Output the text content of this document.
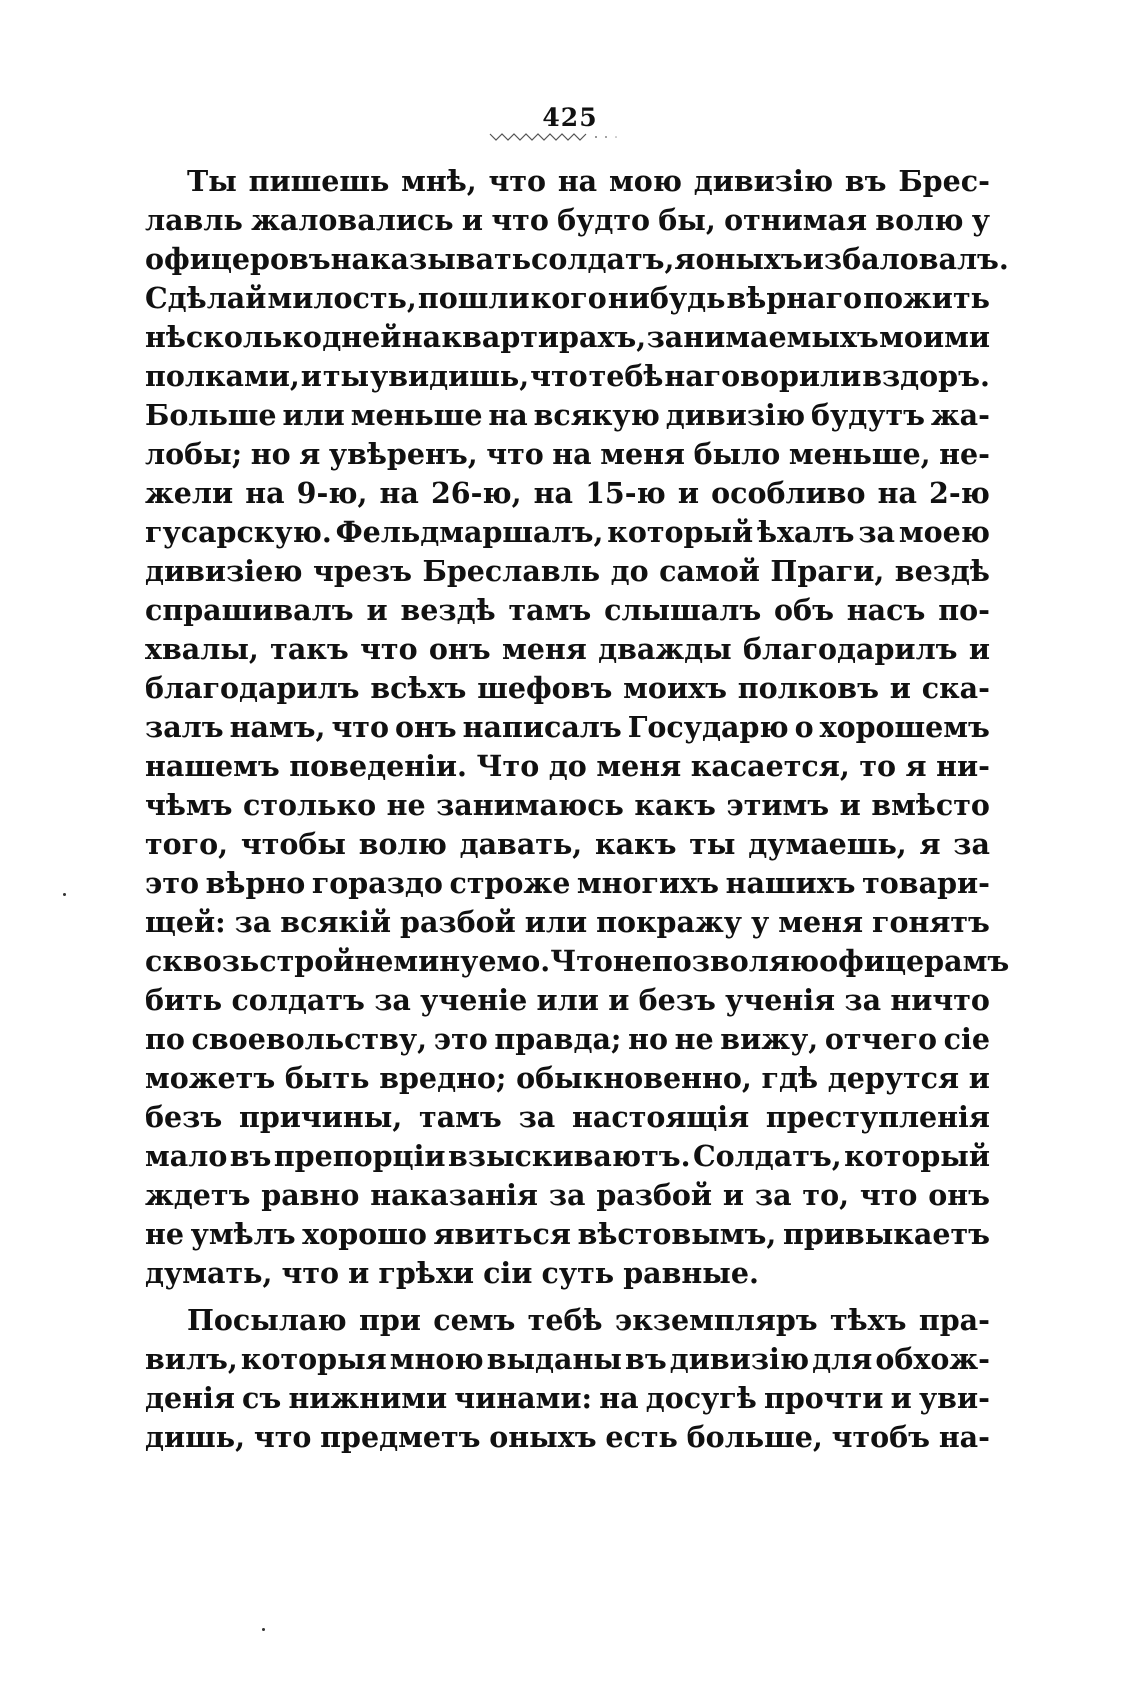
425
Ты пишешь мнѣ, что на мою дивизію въ Брес-
лавль жаловались и что будто бы, отнимая волю у
офицеровъ наказывать солдатъ, я оныхъ избаловалъ.
Сдѣлай милость, пошли кого нибудь вѣрнаго пожить
нѣсколько дней на квартирахъ, занимаемыхъ моими
полками, и ты увидишь, что тебѣ наговорили вздоръ.
Больше или меньше на всякую дивизію будутъ жа-
лобы; но я увѣренъ, что на меня было меньше, не-
жели на 9-ю, на 26-ю, на 15-ю и особливо на 2-ю
гусарскую. Фельдмаршалъ, который ѣхалъ за моею
дивизіею чрезъ Бреславль до самой Праги, вездѣ
спрашивалъ и вездѣ тамъ слышалъ объ насъ по-
хвалы, такъ что онъ меня дважды благодарилъ и
благодарилъ всѣхъ шефовъ моихъ полковъ и ска-
залъ намъ, что онъ написалъ Государю о хорошемъ
нашемъ поведеніи. Что до меня касается, то я ни-
чѣмъ столько не занимаюсь какъ этимъ и вмѣсто
того, чтобы волю давать, какъ ты думаешь, я за
это вѣрно гораздо строже многихъ нашихъ товари-
щей: за всякій разбой или покражу у меня гонятъ
сквозь строй неминуемо. Что не позволяю офицерамъ
бить солдатъ за ученіе или и безъ ученія за ничто
по своевольству, это правда; но не вижу, отчего сіе
можетъ быть вредно; обыкновенно, гдѣ дерутся и
безъ причины, тамъ за настоящія преступленія
мало въ препорціи взыскиваютъ. Солдатъ, который
ждетъ равно наказанія за разбой и за то, что онъ
не умѣлъ хорошо явиться вѣстовымъ, привыкаетъ
думать, что и грѣхи сіи суть равные.
Посылаю при семъ тебѣ экземпляръ тѣхъ пра-
вилъ, которыя мною выданы въ дивизію для обхож-
денія съ нижними чинами: на досугѣ прочти и уви-
дишь, что предметъ оныхъ есть больше, чтобъ на-
